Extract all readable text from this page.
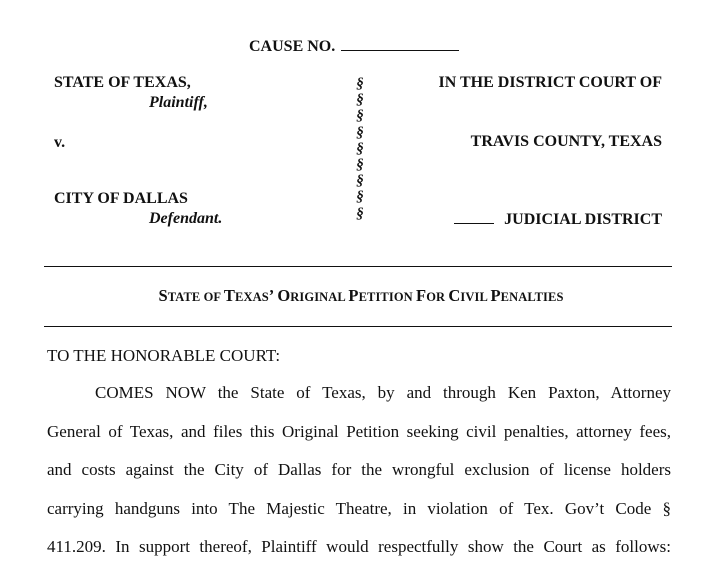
CAUSE NO.
STATE OF TEXAS,
Plaintiff,
v.
CITY OF DALLAS
Defendant.
§
§
§
§
§
§
§
§
§
IN THE DISTRICT COURT OF
TRAVIS COUNTY, TEXAS
JUDICIAL DISTRICT
STATE OF TEXAS’ ORIGINAL PETITION FOR CIVIL PENALTIES
TO THE HONORABLE COURT:
COMES NOW the State of Texas, by and through Ken Paxton, Attorney
General of Texas, and files this Original Petition seeking civil penalties, attorney fees,
and costs against the City of Dallas for the wrongful exclusion of license holders
carrying handguns into The Majestic Theatre, in violation of Tex. Gov’t Code §
411.209. In support thereof, Plaintiff would respectfully show the Court as follows:
